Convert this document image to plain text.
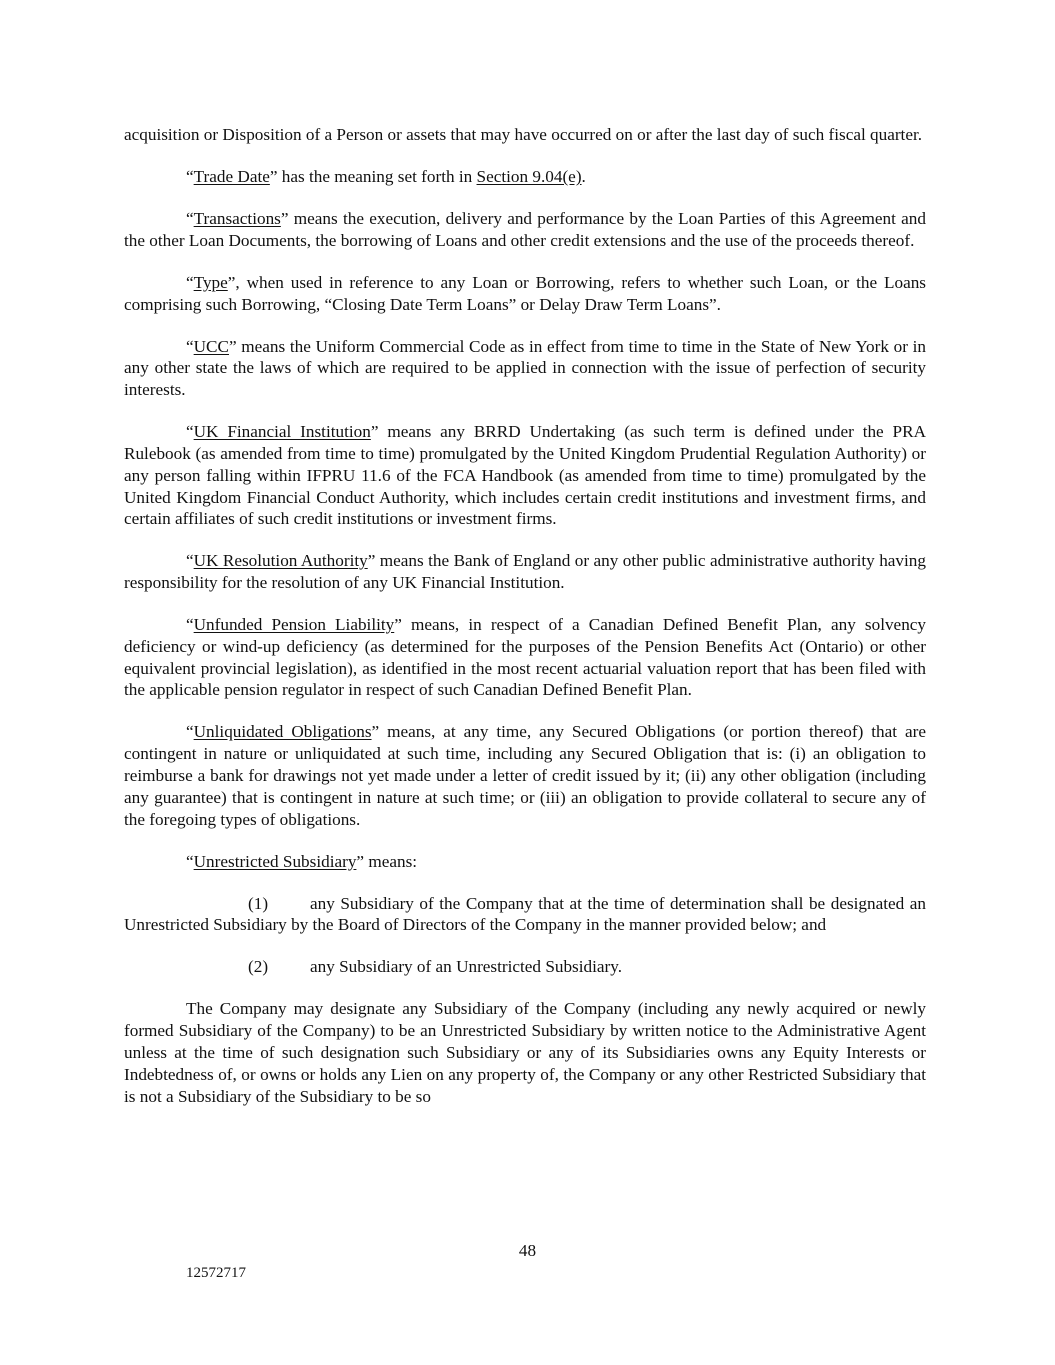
acquisition or Disposition of a Person or assets that may have occurred on or after the last day of such fiscal quarter.

“Trade Date” has the meaning set forth in Section 9.04(e).

“Transactions” means the execution, delivery and performance by the Loan Parties of this Agreement and the other Loan Documents, the borrowing of Loans and other credit extensions and the use of the proceeds thereof.

“Type”, when used in reference to any Loan or Borrowing, refers to whether such Loan, or the Loans comprising such Borrowing, “Closing Date Term Loans” or Delay Draw Term Loans”.

“UCC” means the Uniform Commercial Code as in effect from time to time in the State of New York or in any other state the laws of which are required to be applied in connection with the issue of perfection of security interests.

“UK Financial Institution” means any BRRD Undertaking (as such term is defined under the PRA Rulebook (as amended from time to time) promulgated by the United Kingdom Prudential Regulation Authority) or any person falling within IFPRU 11.6 of the FCA Handbook (as amended from time to time) promulgated by the United Kingdom Financial Conduct Authority, which includes certain credit institutions and investment firms, and certain affiliates of such credit institutions or investment firms.

“UK Resolution Authority” means the Bank of England or any other public administrative authority having responsibility for the resolution of any UK Financial Institution.

“Unfunded Pension Liability” means, in respect of a Canadian Defined Benefit Plan, any solvency deficiency or wind-up deficiency (as determined for the purposes of the Pension Benefits Act (Ontario) or other equivalent provincial legislation), as identified in the most recent actuarial valuation report that has been filed with the applicable pension regulator in respect of such Canadian Defined Benefit Plan.

“Unliquidated Obligations” means, at any time, any Secured Obligations (or portion thereof) that are contingent in nature or unliquidated at such time, including any Secured Obligation that is: (i) an obligation to reimburse a bank for drawings not yet made under a letter of credit issued by it; (ii) any other obligation (including any guarantee) that is contingent in nature at such time; or (iii) an obligation to provide collateral to secure any of the foregoing types of obligations.

“Unrestricted Subsidiary” means:

(1) any Subsidiary of the Company that at the time of determination shall be designated an Unrestricted Subsidiary by the Board of Directors of the Company in the manner provided below; and

(2) any Subsidiary of an Unrestricted Subsidiary.

The Company may designate any Subsidiary of the Company (including any newly acquired or newly formed Subsidiary of the Company) to be an Unrestricted Subsidiary by written notice to the Administrative Agent unless at the time of such designation such Subsidiary or any of its Subsidiaries owns any Equity Interests or Indebtedness of, or owns or holds any Lien on any property of, the Company or any other Restricted Subsidiary that is not a Subsidiary of the Subsidiary to be so

48
12572717
